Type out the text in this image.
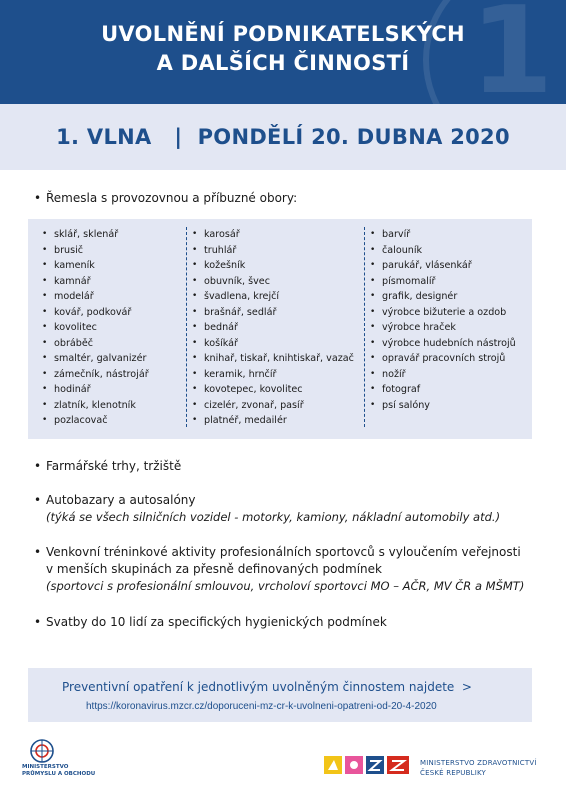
1
UVOLNĚNÍ PODNIKATELSKÝCH
A DALŠÍCH ČINNOSTÍ
1. VLNA   |  PONDĚLÍ 20. DUBNA 2020
• Řemesla s provozovnou a příbuzné obory:
• sklář, sklenář
• brusič
• kameník
• kamnář
• modelář
• kovář, podkovář
• kovolitec
• obráběč
• smaltér, galvanizér
• zámečník, nástrojář
• hodinář
• zlatník, klenotník
• pozlacovač
• karosář
• truhlář
• kožešník
• obuvník, švec
• švadlena, krejčí
• brašnář, sedlář
• bednář
• košíkář
• knihař, tiskař, knihtiskař, vazač
• keramik, hrnčíř
• kovotepec, kovolitec
• cizelér, zvonař, pasíř
• platnéř, medailér
• barvíř
• čalouník
• parukář, vlásenkář
• písmomalíř
• grafik, designér
• výrobce bižuterie a ozdob
• výrobce hraček
• výrobce hudebních nástrojů
• opravář pracovních strojů
• nožíř
• fotograf
• psí salóny
• Farmářské trhy, tržiště
• Autobazary a autosalóny
(týká se všech silničních vozidel - motorky, kamiony, nákladní automobily atd.)
• Venkovní tréninkové aktivity profesionálních sportovců s vyloučením veřejnosti
v menších skupinách za přesně definovaných podmínek
(sportovci s profesionální smlouvou, vrcholoví sportovci MO – AČR, MV ČR a MŠMT)
• Svatby do 10 lidí za specifických hygienických podmínek
Preventivní opatření k jednotlivým uvolněným činnostem najdete  >
https://koronavirus.mzcr.cz/doporuceni-mz-cr-k-uvolneni-opatreni-od-20-4-2020
MINISTERSTVO
PRŮMYSLU A OBCHODU
MINISTERSTVO ZDRAVOTNICTVÍ
ČESKÉ REPUBLIKY
